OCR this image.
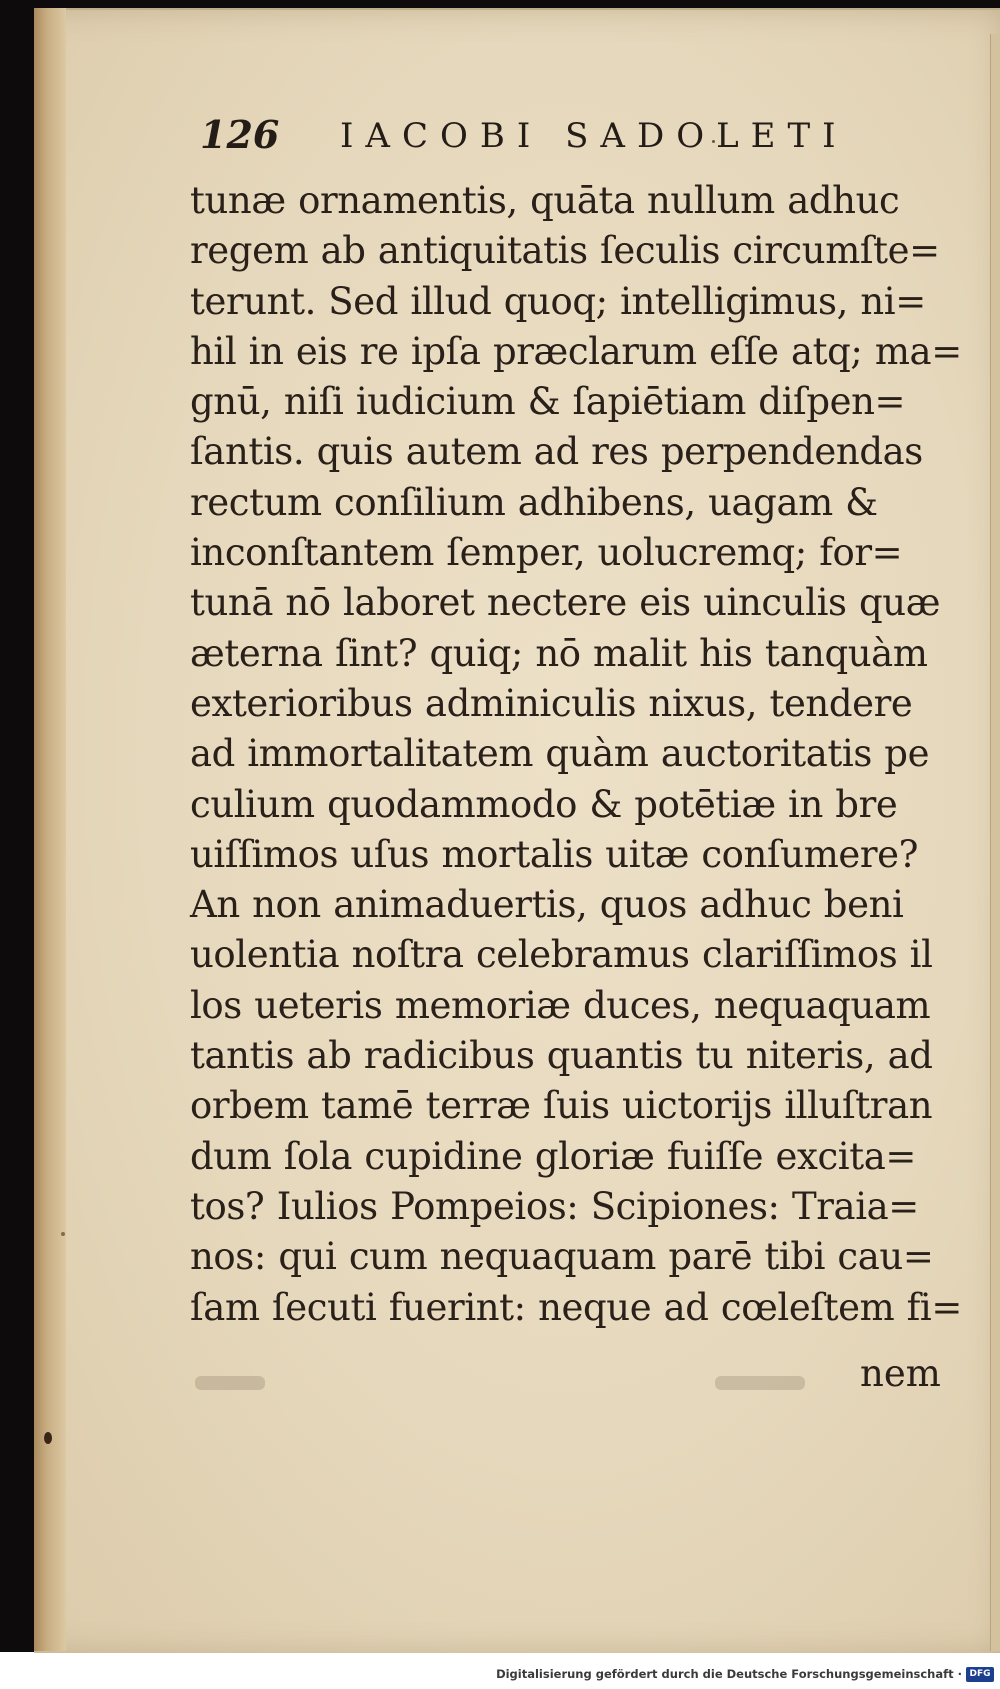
126 IACOBI SADOLETI
tunæ ornamentis, quāta nullum adhuc
regem ab antiquitatis ſeculis circumſte=
terunt. Sed illud quoq; intelligimus, ni=
hil in eis re ipſa præclarum eſſe atq; ma=
gnū, niſi iudicium & ſapiētiam diſpen=
ſantis. quis autem ad res perpendendas
rectum conſilium adhibens, uagam &
inconſtantem ſemper, uolucremq; for=
tunā nō laboret nectere eis uinculis quæ
æterna ſint? quiq; nō malit his tanquàm
exterioribus adminiculis nixus, tendere
ad immortalitatem quàm auctoritatis pe
culium quodammodo & potētiæ in bre
uiſſimos uſus mortalis uitæ conſumere?
An non animaduertis, quos adhuc beni
uolentia noſtra celebramus clariſſimos il
los ueteris memoriæ duces, nequaquam
tantis ab radicibus quantis tu niteris, ad
orbem tamē terræ ſuis uictorijs illuſtran
dum ſola cupidine gloriæ fuiſſe excita=
tos? Iulios Pompeios: Scipiones: Traia=
nos: qui cum nequaquam parē tibi cau=
ſam ſecuti fuerint: neque ad cœleſtem fi=
nem
Digitalisierung gefördert durch die Deutsche Forschungsgemeinschaft · DFG
